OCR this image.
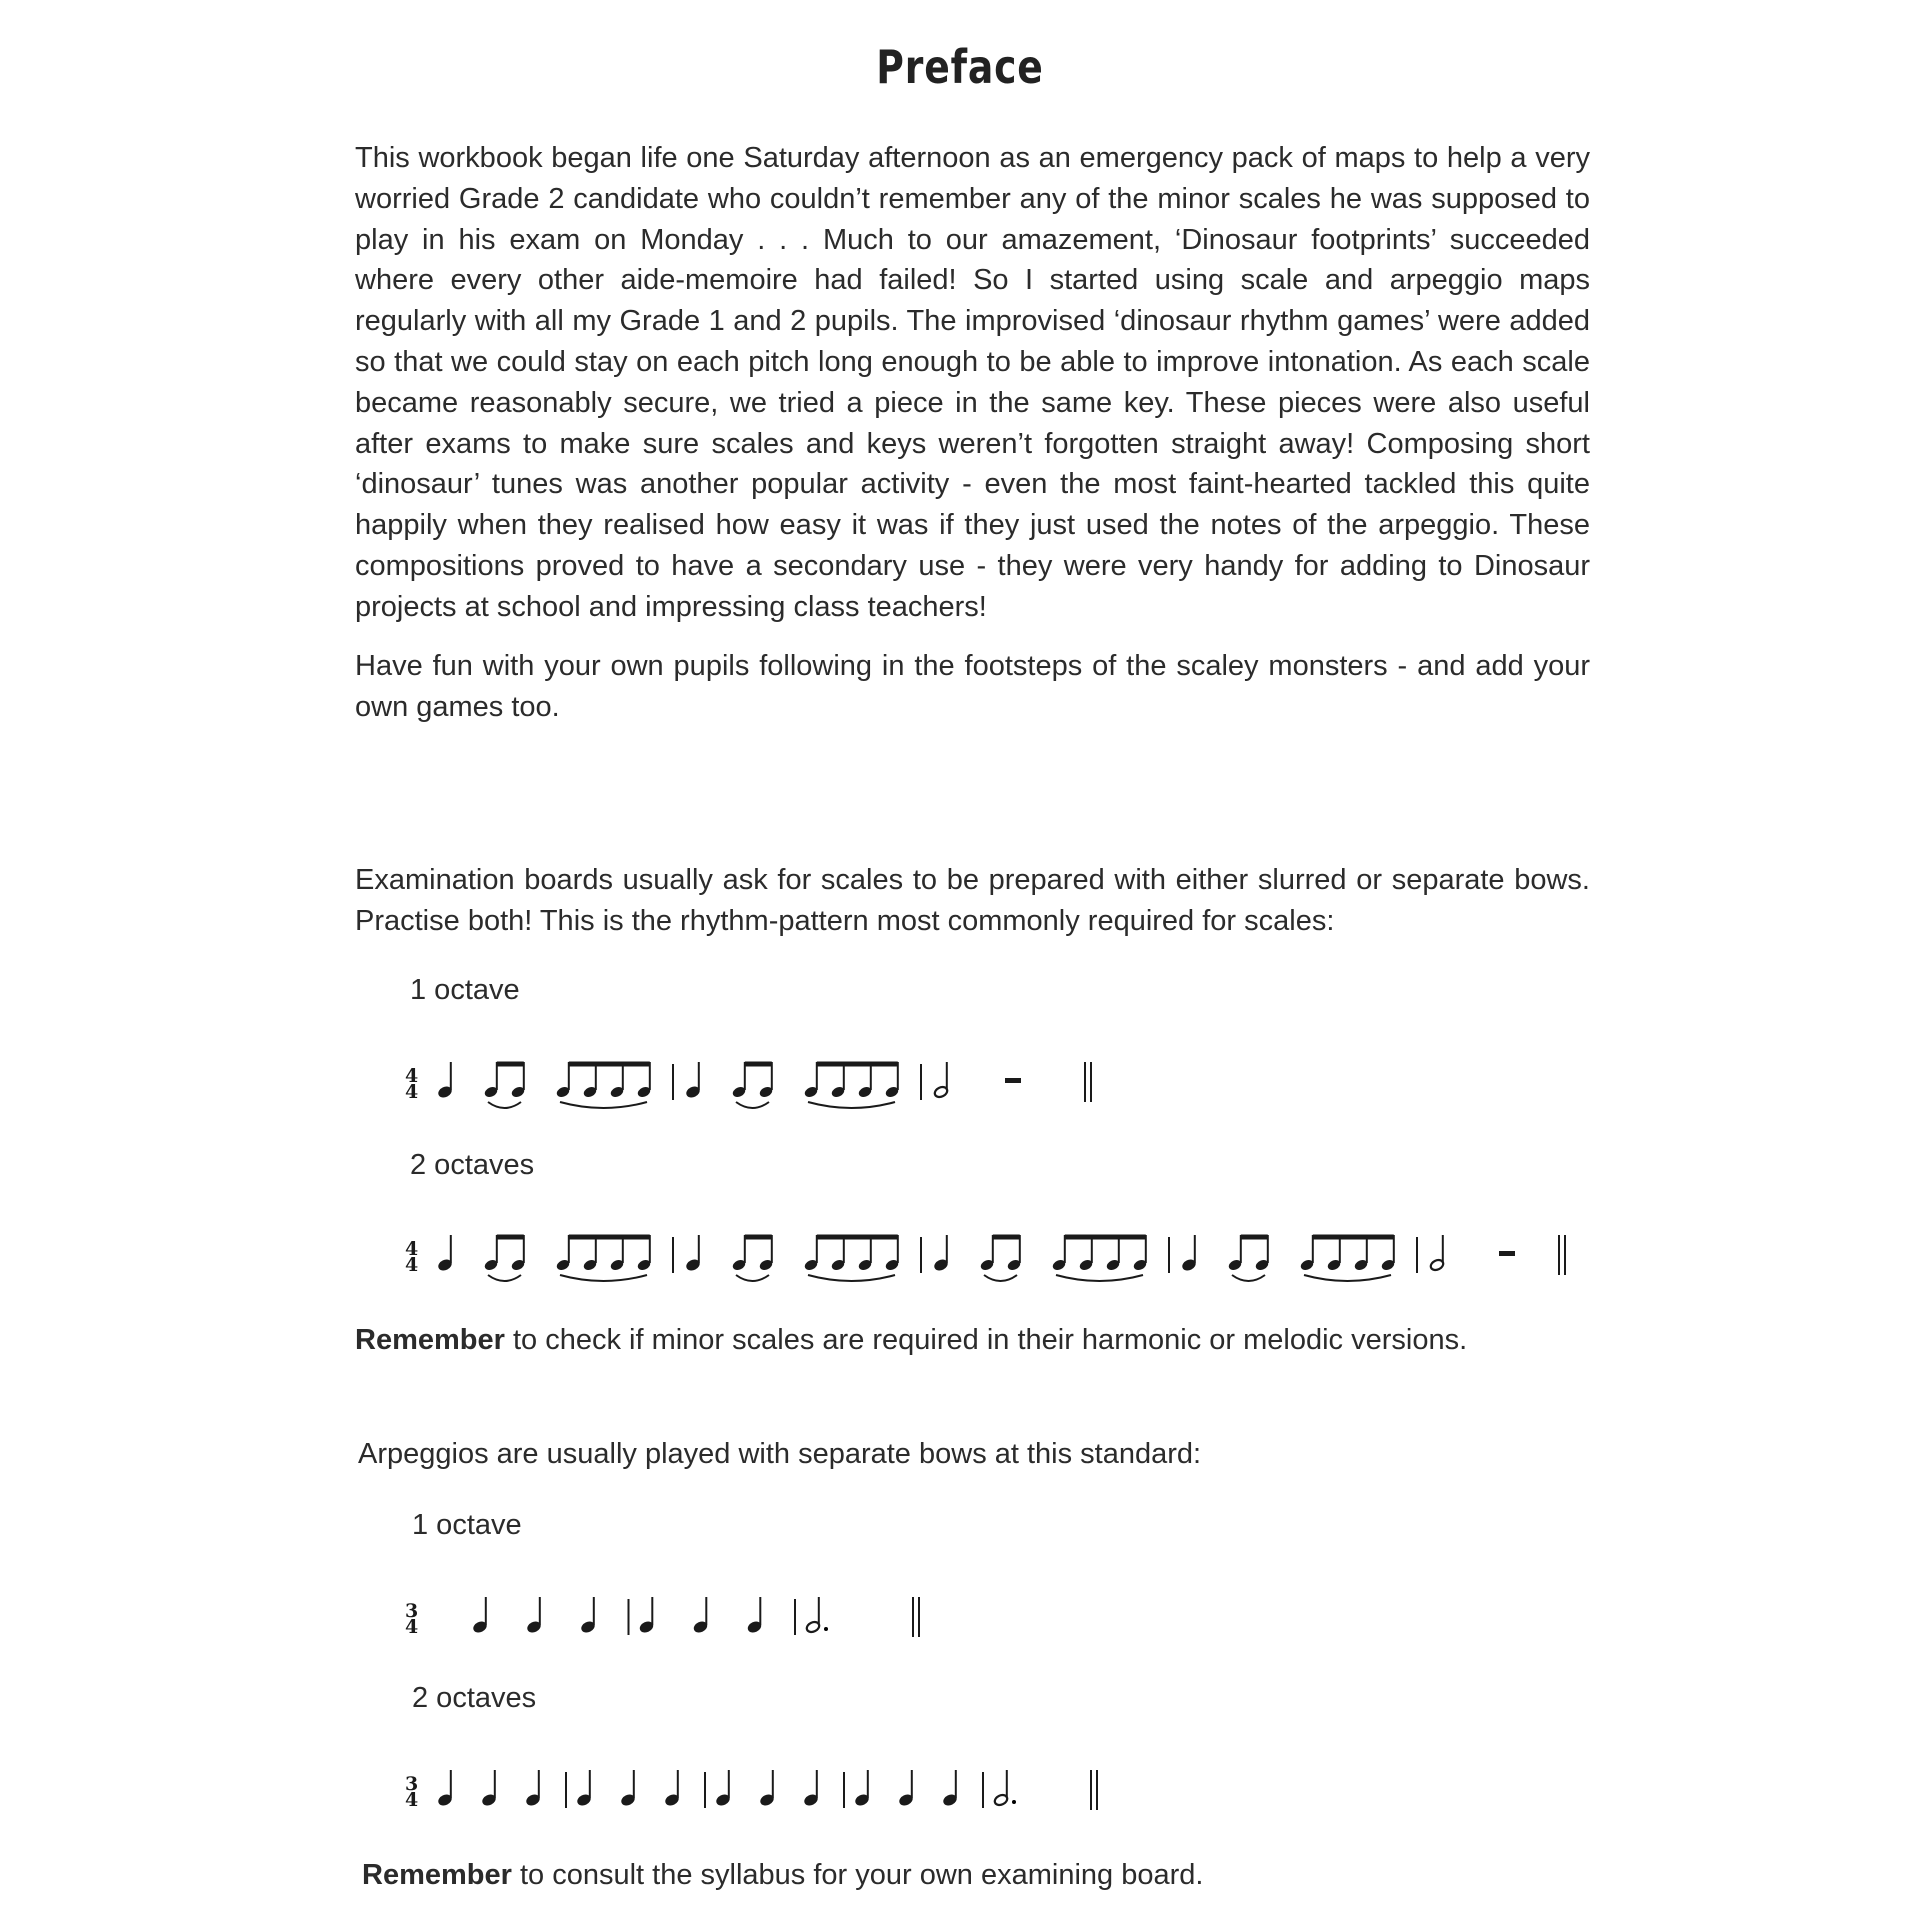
Preface

This workbook began life one Saturday afternoon as an emergency pack of maps to help a very worried Grade 2 candidate who couldn’t remember any of the minor scales he was supposed to play in his exam on Monday . . . Much to our amazement, ‘Dinosaur footprints’ succeeded where every other aide-memoire had failed! So I started using scale and arpeggio maps regularly with all my Grade 1 and 2 pupils. The improvised ‘dinosaur rhythm games’ were added so that we could stay on each pitch long enough to be able to improve intonation. As each scale became reasonably secure, we tried a piece in the same key. These pieces were also useful after exams to make sure scales and keys weren’t forgotten straight away! Composing short ‘dinosaur’ tunes was another popular activity - even the most faint-hearted tackled this quite happily when they realised how easy it was if they just used the notes of the arpeggio. These compositions proved to have a secondary use - they were very handy for adding to Dinosaur projects at school and impressing class teachers!

Have fun with your own pupils following in the footsteps of the scaley monsters - and add your own games too.

Examination boards usually ask for scales to be prepared with either slurred or separate bows. Practise both! This is the rhythm-pattern most commonly required for scales:

1 octave
4
4
2 octaves
4
4

Remember to check if minor scales are required in their harmonic or melodic versions.

Arpeggios are usually played with separate bows at this standard:

1 octave
3
4
2 octaves
3
4

Remember to consult the syllabus for your own examining board.
